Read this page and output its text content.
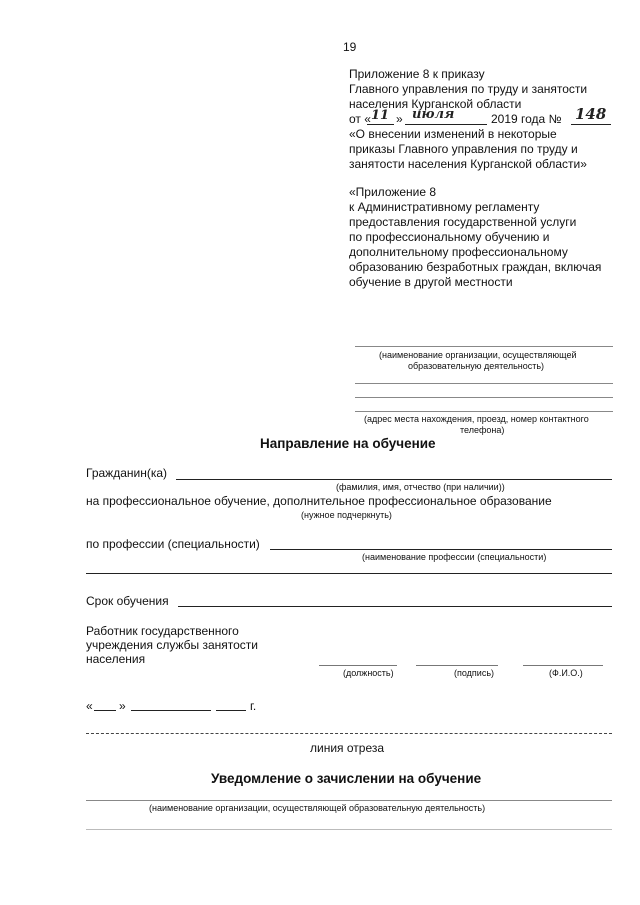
19
Приложение 8 к приказу
Главного управления по труду и занятости
населения Курганской области
от « 11 » июля	2019 года № 148
«О внесении изменений в некоторые
приказы Главного управления по труду и
занятости населения Курганской области»
«Приложение 8
к Административному регламенту
предоставления государственной услуги
по профессиональному обучению и
дополнительному профессиональному
образованию безработных граждан, включая
обучение в другой местности
(наименование организации, осуществляющей
образовательную деятельность)
(адрес места нахождения, проезд, номер контактного
телефона)
Направление на обучение
Гражданин(ка)
(фамилия, имя, отчество (при наличии))
на профессиональное обучение, дополнительное профессиональное образование
(нужное подчеркнуть)
по профессии (специальности)
(наименование профессии (специальности)
Срок обучения
Работник государственного
учреждения службы занятости
населения
(должность)	(подпись)	(Ф.И.О.)
« »	г.
линия отреза
Уведомление о зачислении на обучение
(наименование организации, осуществляющей образовательную деятельность)
